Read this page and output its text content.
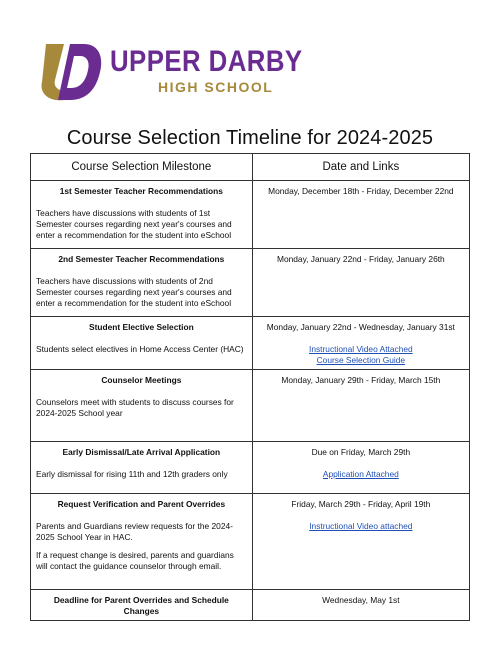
UPPER DARBY
HIGH SCHOOL
Course Selection Timeline for 2024-2025
Course Selection Milestone	Date and Links

1st Semester Teacher Recommendations
Teachers have discussions with students of 1st Semester courses regarding next year's courses and enter a recommendation for the student into eSchool	Monday, December 18th - Friday, December 22nd

2nd Semester Teacher Recommendations
Teachers have discussions with students of 2nd Semester courses regarding next year's courses and enter a recommendation for the student into eSchool	Monday, January 22nd - Friday, January 26th

Student Elective Selection
Students select electives in Home Access Center (HAC)	Monday, January 22nd - Wednesday, January 31st
Instructional Video Attached
Course Selection Guide

Counselor Meetings
Counselors meet with students to discuss courses for 2024-2025 School year	Monday, January 29th - Friday, March 15th

Early Dismissal/Late Arrival Application
Early dismissal for rising 11th and 12th graders only	Due on Friday, March 29th
Application Attached

Request Verification and Parent Overrides
Parents and Guardians review requests for the 2024-2025 School Year in HAC.
If a request change is desired, parents and guardians will contact the guidance counselor through email.	Friday, March 29th - Friday, April 19th
Instructional Video attached

Deadline for Parent Overrides and Schedule Changes	Wednesday, May 1st
